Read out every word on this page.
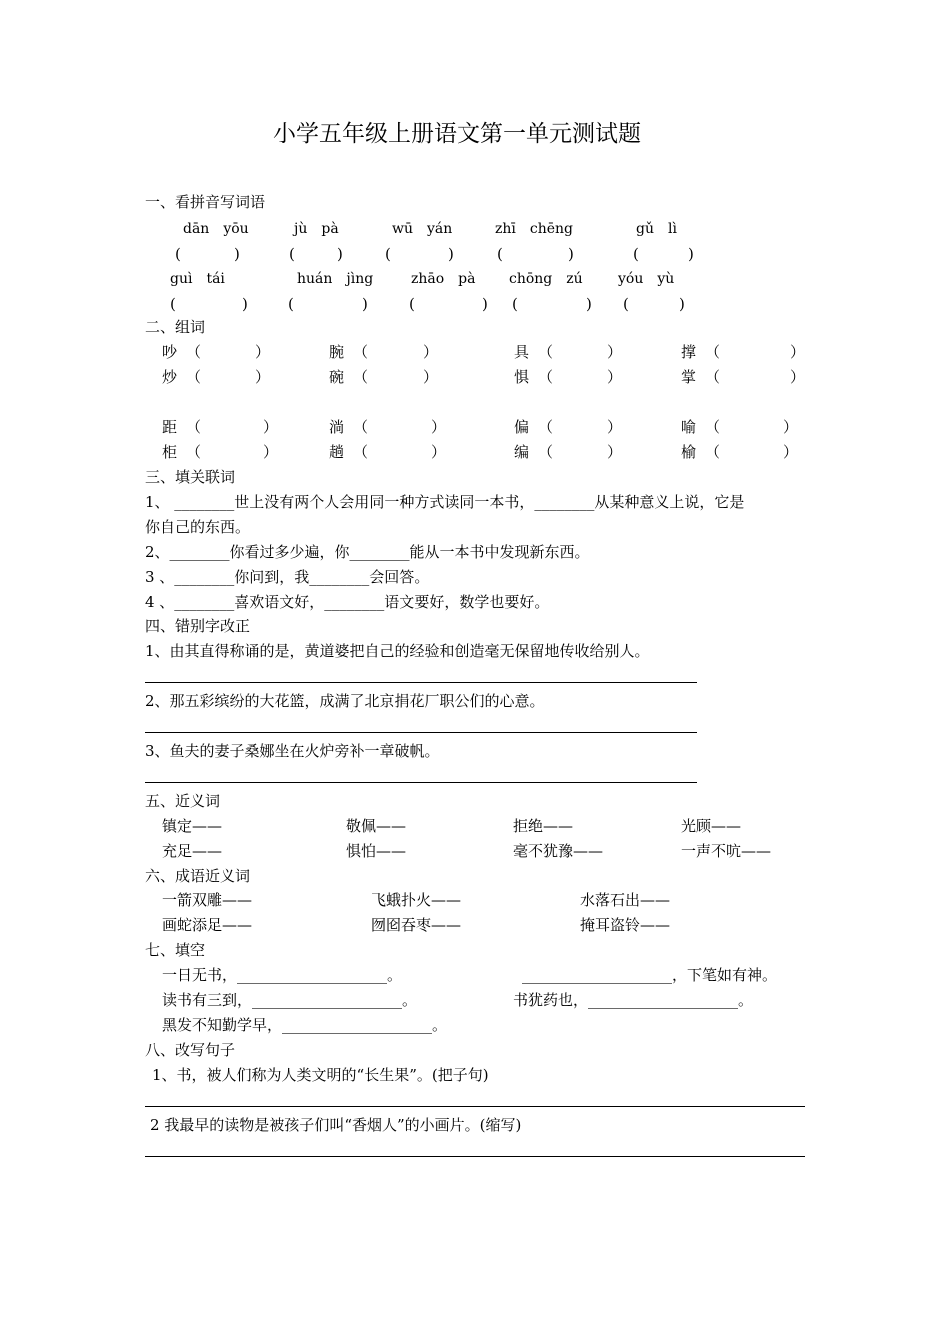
小学五年级上册语文第一单元测试题
一、看拼音写词语
dān　yōu	jù　pà	wū　yán	zhī　chēng	gǔ　lì
(	)	(	)	(	)	(	)	(	)
guì　tái	huán　jìng	zhāo　pà chōng　zú	yóu　yù
(	)	(	)	(	) (	) (	)
二、组词
吵 （	）	腕 （	）	具 （	）	撑 （	）
炒 （	）	碗 （	）	惧 （	）	掌 （	）
距 （	）	淌 （	）	偏 （	）	喻 （	）
柜 （	）	趟 （	）	编 （	）	榆 （	）
三、填关联词
1、 ________世上没有两个人会用同一种方式读同一本书，________从某种意义上说，它是
你自己的东西。
2、________你看过多少遍，你________能从一本书中发现新东西。
3 、________你问到，我________会回答。
4 、________喜欢语文好，________语文要好，数学也要好。
四、错别字改正
1、由其直得称诵的是，黄道婆把自己的经验和创造毫无保留地传收给别人。
2、那五彩缤纷的大花篮，成满了北京捐花厂职公们的心意。
3、鱼夫的妻子桑娜坐在火炉旁补一章破帆。
五、近义词
镇定——	敬佩——	拒绝——	光顾——
充足——	惧怕——	毫不犹豫——	一声不吭——
六、成语近义词
一箭双雕——	飞蛾扑火——	水落石出——
画蛇添足——	囫囵吞枣——	掩耳盗铃——
七、填空
一日无书，____________________。	____________________，下笔如有神。
读书有三到，____________________。	书犹药也，____________________。
黑发不知勤学早，____________________。
八、改写句子
1、书，被人们称为人类文明的“长生果”。(把子句)
2 我最早的读物是被孩子们叫“香烟人”的小画片。(缩写)
